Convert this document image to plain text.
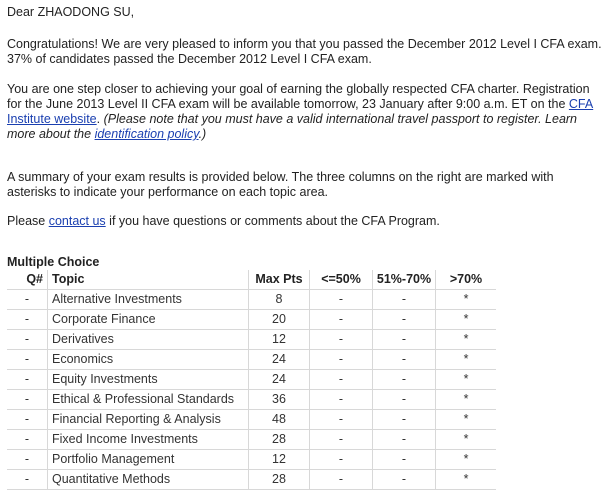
Dear ZHAODONG SU,

Congratulations! We are very pleased to inform you that you passed the December 2012 Level I CFA exam. 37% of candidates passed the December 2012 Level I CFA exam.

You are one step closer to achieving your goal of earning the globally respected CFA charter. Registration for the June 2013 Level II CFA exam will be available tomorrow, 23 January after 9:00 a.m. ET on the CFA Institute website. (Please note that you must have a valid international travel passport to register. Learn more about the identification policy.)

A summary of your exam results is provided below. The three columns on the right are marked with asterisks to indicate your performance on each topic area.

Please contact us if you have questions or comments about the CFA Program.

Multiple Choice
Q#	Topic	Max Pts	<=50%	51%-70%	>70%
-	Alternative Investments	8	-	-	*
-	Corporate Finance	20	-	-	*
-	Derivatives	12	-	-	*
-	Economics	24	-	-	*
-	Equity Investments	24	-	-	*
-	Ethical & Professional Standards	36	-	-	*
-	Financial Reporting & Analysis	48	-	-	*
-	Fixed Income Investments	28	-	-	*
-	Portfolio Management	12	-	-	*
-	Quantitative Methods	28	-	-	*
